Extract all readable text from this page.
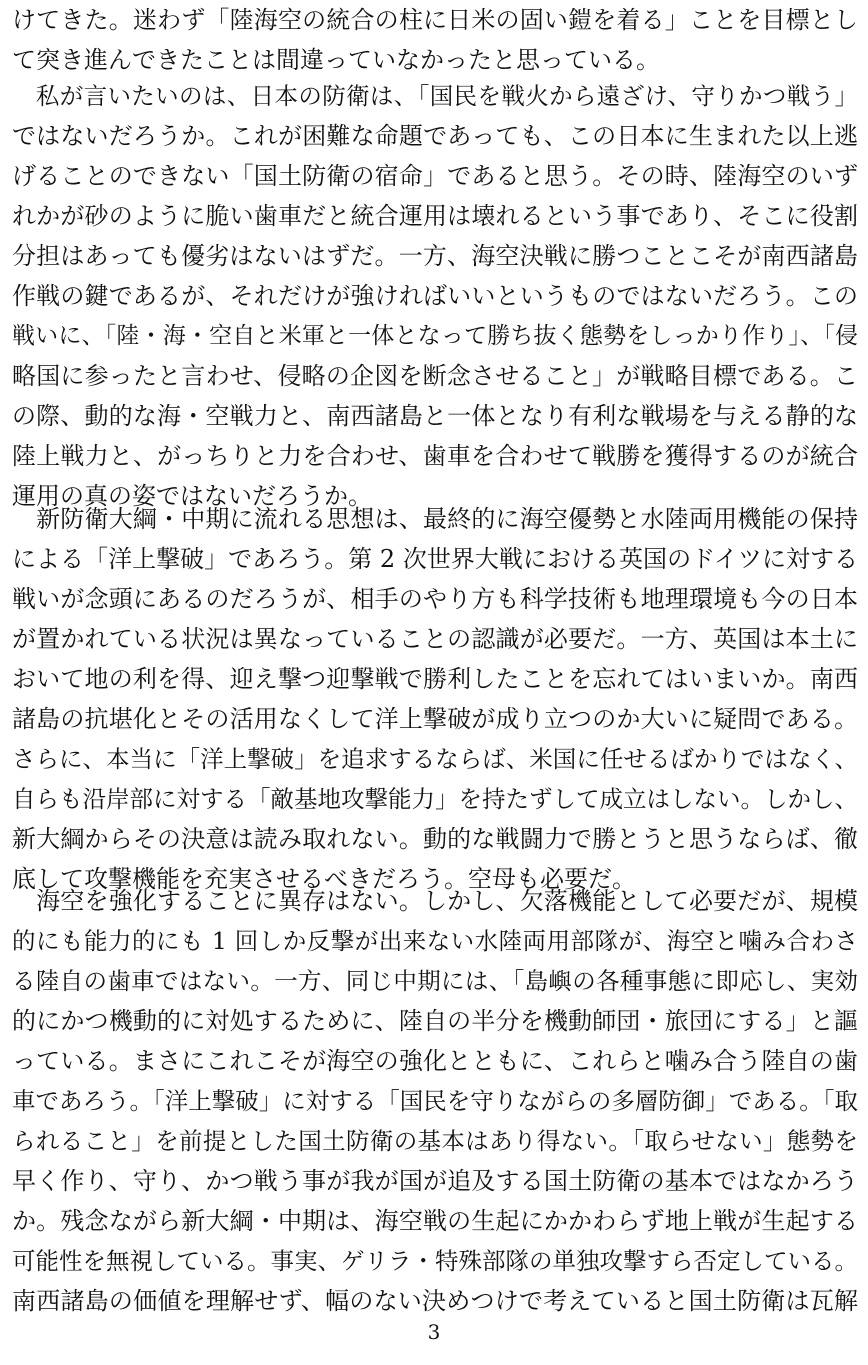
けてきた。迷わず「陸海空の統合の柱に日米の固い鎧を着る」ことを目標とし
て突き進んできたことは間違っていなかったと思っている。
　私が言いたいのは、日本の防衛は、「国民を戦火から遠ざけ、守りかつ戦う」
ではないだろうか。これが困難な命題であっても、この日本に生まれた以上逃
げることのできない「国土防衛の宿命」であると思う。その時、陸海空のいず
れかが砂のように脆い歯車だと統合運用は壊れるという事であり、そこに役割
分担はあっても優劣はないはずだ。一方、海空決戦に勝つことこそが南西諸島
作戦の鍵であるが、それだけが強ければいいというものではないだろう。この
戦いに、「陸・海・空自と米軍と一体となって勝ち抜く態勢をしっかり作り」、「侵
略国に参ったと言わせ、侵略の企図を断念させること」が戦略目標である。こ
の際、動的な海・空戦力と、南西諸島と一体となり有利な戦場を与える静的な
陸上戦力と、がっちりと力を合わせ、歯車を合わせて戦勝を獲得するのが統合
運用の真の姿ではないだろうか。
　新防衛大綱・中期に流れる思想は、最終的に海空優勢と水陸両用機能の保持
による「洋上撃破」であろう。第 2 次世界大戦における英国のドイツに対する
戦いが念頭にあるのだろうが、相手のやり方も科学技術も地理環境も今の日本
が置かれている状況は異なっていることの認識が必要だ。一方、英国は本土に
おいて地の利を得、迎え撃つ迎撃戦で勝利したことを忘れてはいまいか。南西
諸島の抗堪化とその活用なくして洋上撃破が成り立つのか大いに疑問である。
さらに、本当に「洋上撃破」を追求するならば、米国に任せるばかりではなく、
自らも沿岸部に対する「敵基地攻撃能力」を持たずして成立はしない。しかし、
新大綱からその決意は読み取れない。動的な戦闘力で勝とうと思うならば、徹
底して攻撃機能を充実させるべきだろう。空母も必要だ。
　海空を強化することに異存はない。しかし、欠落機能として必要だが、規模
的にも能力的にも 1 回しか反撃が出来ない水陸両用部隊が、海空と噛み合わさ
る陸自の歯車ではない。一方、同じ中期には、「島嶼の各種事態に即応し、実効
的にかつ機動的に対処するために、陸自の半分を機動師団・旅団にする」と謳
っている。まさにこれこそが海空の強化とともに、これらと噛み合う陸自の歯
車であろう。「洋上撃破」に対する「国民を守りながらの多層防御」である。「取
られること」を前提とした国土防衛の基本はあり得ない。「取らせない」態勢を
早く作り、守り、かつ戦う事が我が国が追及する国土防衛の基本ではなかろう
か。残念ながら新大綱・中期は、海空戦の生起にかかわらず地上戦が生起する
可能性を無視している。事実、ゲリラ・特殊部隊の単独攻撃すら否定している。
南西諸島の価値を理解せず、幅のない決めつけで考えていると国土防衛は瓦解
3
